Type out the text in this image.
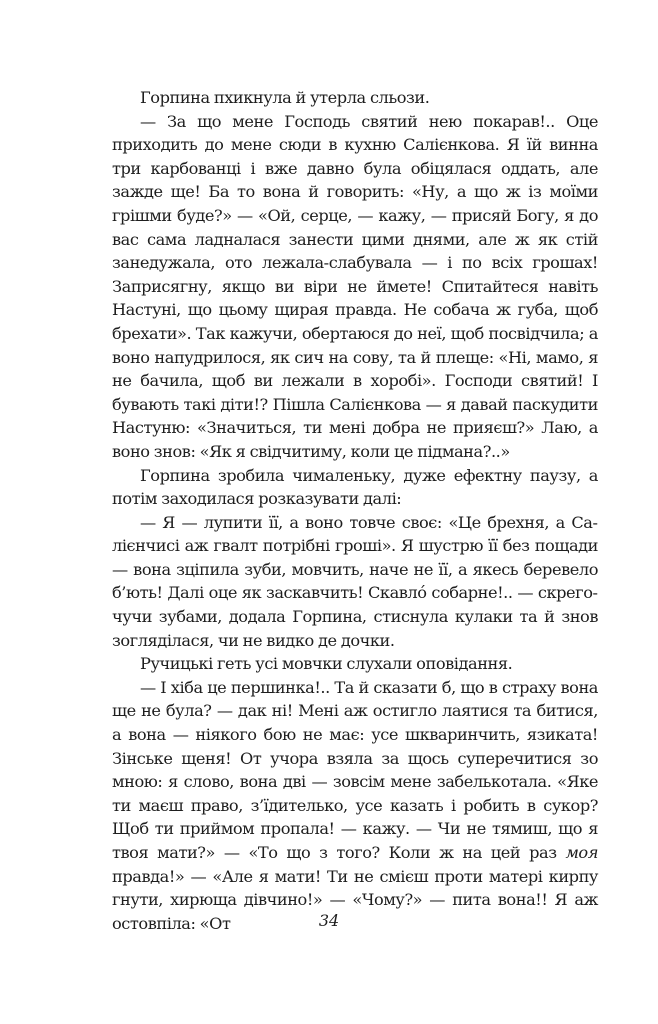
Горпина пхикнула й утерла сльози.

— За що мене Господь святий нею покарав!.. Оце приходить до мене сюди в кухню Салієнкова. Я їй винна три карбованці і вже давно була обіцялася оддать, але зажде ще! Ба то вона й говорить: «Ну, а що ж із моїми грішми буде?» — «Ой, серце, — кажу, — присяй Богу, я до вас сама ладналася занести цими днями, але ж як стій занедужала, ото лежала-слабувала — і по всіх грошах! Заприсягну, якщо ви віри не ймете! Спитайтеся навіть Настуні, що цьому щирая правда. Не собача ж губа, щоб брехати». Так кажучи, обертаюся до неї, щоб посвідчила; а воно напудрилося, як сич на сову, та й плеще: «Ні, мамо, я не бачила, щоб ви лежали в хоробі». Господи святий! І бувають такі діти!? Пішла Салієнкова — я давай паскудити Настуню: «Значиться, ти мені добра не прияєш?» Лаю, а воно знов: «Як я свідчитиму, коли це підмана?..»

Горпина зробила чималеньку, дуже ефектну паузу, а потім заходилася розказувати далі:

— Я — лупити її, а воно товче своє: «Це брехня, а Салієнчисі аж гвалт потрібні гроші». Я шустрю її без пощади — вона зціпила зуби, мовчить, наче не її, а якесь беревело б’ють! Далі оце як заскавчить! Скавлó собарне!.. — скрегочучи зубами, додала Горпина, стиснула кулаки та й знов зоглядiлася, чи не видко де дочки.

Ручицькі геть усі мовчки слухали оповідання.

— І хіба це першинка!.. Та й сказати б, що в страху вона ще не була? — дак ні! Мені аж остигло лаятися та битися, а вона — ніякого бою не має: усе шкваринчить, язиката! Зінське щеня! От учора взяла за щось суперечитися зо мною: я слово, вона дві — зовсім мене забелькотала. «Яке ти маєш право, з’їдителько, усе казать і робить в сукор? Щоб ти приймом пропала! — кажу. — Чи не тямиш, що я твоя мати?» — «То що з того? Коли ж на цей раз моя правда!» — «Але я мати! Ти не смієш проти матері кирпу гнути, хирюща дівчино!» — «Чому?» — пита вона!! Я аж остовпіла: «От	34
